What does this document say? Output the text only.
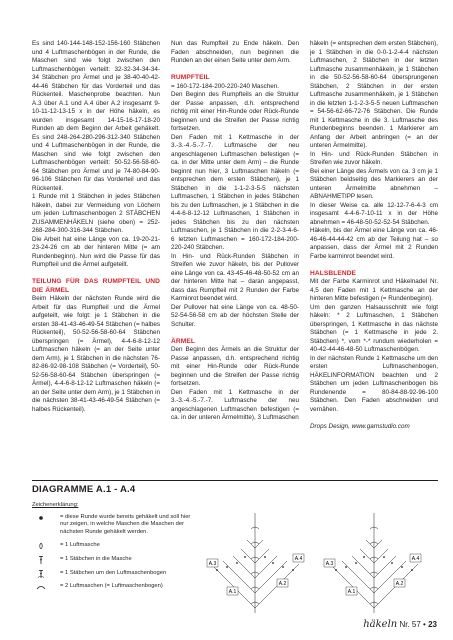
Es sind 140-144-148-152-156-160 Stäbchen und 4 Luftmaschenbögen in der Runde, die Maschen sind wie folgt zwischen den Luftmaschenbögen verteilt: 32-32-34-34-34-34 Stäbchen pro Ärmel und je 38-40-40-42-44-46 Stäbchen für das Vorderteil und das Rückenteil. Maschenprobe beachten. Nun A.3 über A.1 und A.4 über A.2 insgesamt 9-10-11-12-13-15 x in der Höhe häkeln, es wurden insgesamt 14-15-16-17-18-20 Runden ab dem Beginn der Arbeit gehäkelt. Es sind 248-264-280-296-312-340 Stäbchen und 4 Luftmaschenbögen in der Runde, die Maschen sind wie folgt zwischen den Luftmaschenbögen verteilt: 50-52-56-58-60-64 Stäbchen pro Ärmel und je 74-80-84-90-96-106 Stäbchen für das Vorderteil und das Rückenteil.

1 Runde mit 1 Stäbchen in jedes Stäbchen häkeln, dabei zur Vermeidung von Löchern um jeden Luftmaschenbogen 2 STÄBCHEN ZUSAMMENHÄKELN (siehe oben) = 252-268-284-300-316-344 Stäbchen.

Die Arbeit hat eine Länge von ca. 19-20-21-23-24-26 cm ab der hinteren Mitte (= am Rundenbeginn). Nun wird die Passe für das Rumpfteil und die Ärmel aufgeteilt.

TEILUNG FÜR DAS RUMPFTEIL UND DIE ÄRMEL

Beim Häkeln der nächsten Runde wird die Arbeit für das Rumpfteil und die Ärmel aufgeteilt, wie folgt: je 1 Stäbchen in die ersten 38-41-43-46-49-54 Stäbchen (= halbes Rückenteil), 50-52-56-58-60-64 Stäbchen überspringen (= Ärmel), 4-4-6-8-12-12 Luftmaschen häkeln (= an der Seite unter dem Arm), je 1 Stäbchen in die nächsten 76-82-86-92-98-108 Stäbchen (= Vorderteil), 50-52-56-58-60-64 Stäbchen überspringen (= Ärmel), 4-4-6-8-12-12 Luftmaschen häkeln (= an der Seite unter dem Arm), je 1 Stäbchen in die nächsten 38-41-43-46-49-54 Stäbchen (= halbes Rückenteil).

Nun das Rumpfteil zu Ende häkeln. Den Faden abschneiden, nun beginnen die Runden an der einen Seite unter dem Arm.

RUMPFTEIL

= 160-172-184-200-220-240 Maschen.

Den Beginn des Rumpfteils an die Struktur der Passe anpassen, d.h. entsprechend richtig mit einer Hin-Runde oder Rück-Runde beginnen und die Streifen der Passe richtig fortsetzen.

Den Faden mit 1 Kettmasche in der 3.-3.-4.-5.-7.-7. Luftmasche der neu angeschlagenen Luftmaschen befestigen (= ca. in der Mitte unter dem Arm) – die Runde beginnt nun hier, 3 Luftmaschen häkeln (= entsprechen dem ersten Stäbchen), je 1 Stäbchen in die 1-1-2-3-5-5 nächsten Luftmaschen, 1 Stäbchen in jedes Stäbchen bis zu den Luftmaschen, je 1 Stäbchen in die 4-4-6-8-12-12 Luftmaschen, 1 Stäbchen in jedes Stäbchen bis zu den nächsten Luftmaschen, je 1 Stäbchen in die 2-2-3-4-6-6 letzten Luftmaschen = 160-172-184-200-220-240 Stäbchen.

In Hin- und Rück-Runden Stäbchen in Streifen wie zuvor häkeln, bis der Pullover eine Länge von ca. 43-45-46-48-50-52 cm an der hinteren Mitte hat – daran angepasst, dass das Rumpfteil mit 2 Runden der Farbe Karminrot beendet wird.

Der Pullover hat eine Länge von ca. 48-50-52-54-56-58 cm ab der höchsten Stelle der Schulter.

ÄRMEL

Den Beginn des Ärmels an die Struktur der Passe anpassen, d.h. entsprechend richtig mit einer Hin-Runde oder Rück-Runde beginnen und die Streifen der Passe richtig fortsetzen.

Den Faden mit 1 Kettmasche in der 3.-3.-4.-5.-7.-7. Luftmasche der neu angeschlagenen Luftmaschen befestigen (= ca. in der unteren Ärmelmitte), 3 Luftmaschen

häkeln (= entsprechen dem ersten Stäbchen), je 1 Stäbchen in die 0-0-1-2-4-4 nächsten Luftmaschen, 2 Stäbchen in der letzten Luftmasche zusammenhäkeln, je 1 Stäbchen in die 50-52-56-58-60-64 übersprungenen Stäbchen, 2 Stäbchen in der ersten Luftmasche zusammenhäkeln, je 1 Stäbchen in die letzten 1-1-2-3-5-5 neuen Luftmaschen = 54-56-62-66-72-76 Stäbchen. Die Runde mit 1 Kettmasche in die 3. Luftmasche des Rundenbeginns beenden. 1 Markierer am Anfang der Arbeit anbringen (= an der unteren Ärmelmitte).

In Hin- und Rück-Runden Stäbchen in Streifen wie zuvor häkeln.

Bei einer Länge des Ärmels von ca. 3 cm je 1 Stäbchen beidseitig des Markierers an der unteren Ärmelmitte abnehmen – ABNAHMETIPP lesen.

In dieser Weise ca. alle 12-12-7-6-4-3 cm insgesamt 4-4-6-7-10-11 x in der Höhe abnehmen = 46-48-50-52-52-54 Stäbchen.

Häkeln, bis der Ärmel eine Länge von ca. 46-46-46-44-44-42 cm ab der Teilung hat – so anpassen, dass der Ärmel mit 2 Runden Farbe karminrot beendet wird.

HALSBLENDE

Mit der Farbe Karminrot und Häkelnadel Nr. 4,5 den Faden mit 1 Kettmasche an der hinteren Mitte befestigen (= Rundenbeginn).

Um den ganzen Halsausschnitt wie folgt häkeln: * 2 Luftmaschen, 1 Stäbchen überspringen, 1 Kettmasche in das nächste Stäbchen (= 1 Kettmasche in jede 2. Stäbchen) *, vom *-* rundum wiederholen = 40-42-44-46-48-50 Luftmaschenbögen.

In der nächsten Runde 1 Kettmasche um den ersten Luftmaschenbogen, HÄKELINFORMATION beachten und 2 Stäbchen um jeden Luftmaschenbogen bis Rundenende = 80-84-88-92-96-100 Stäbchen. Den Faden abschneiden und vernähen.

Drops Design, www.garnstudio.com

DIAGRAMME A.1 - A.4
Zeichenerklärung:
= diese Runde wurde bereits gehäkelt und soll hier nur zeigen, in welche Maschen die Maschen der nächsten Runde gehäkelt werden.
= 1 Luftmasche
= 1 Stäbchen in die Masche
= 1 Stäbchen um den Luftmaschenbogen
= 2 Luftmaschen (= Luftmaschenbogen)
A.4
A.2
A.3
A.1
A.4
A.2
A.3
A.1
häkeln Nr. 57 • 23
